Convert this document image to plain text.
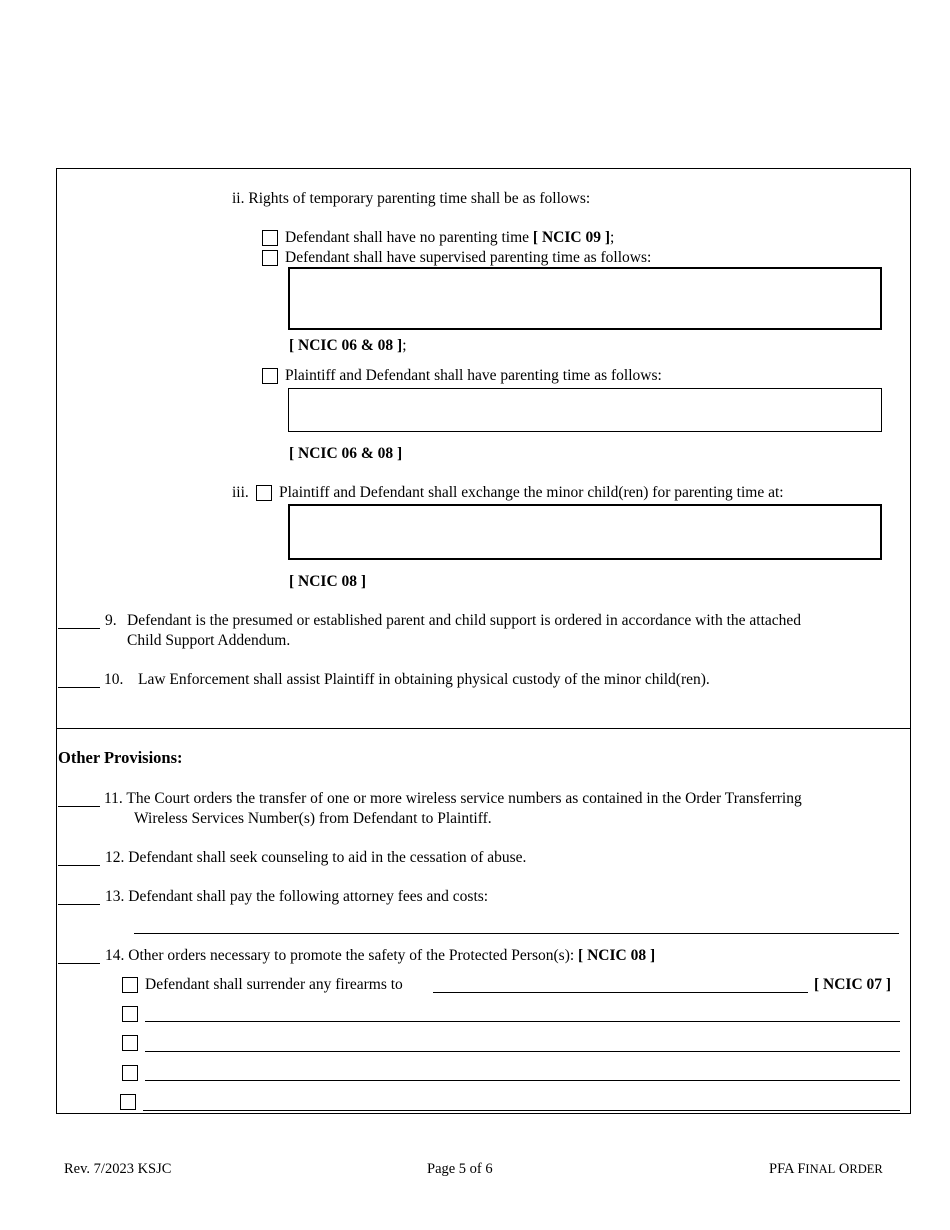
ii. Rights of temporary parenting time shall be as follows:
Defendant shall have no parenting time [ NCIC 09 ];
Defendant shall have supervised parenting time as follows:
[ NCIC 06 & 08 ];
Plaintiff and Defendant shall have parenting time as follows:
[ NCIC 06 & 08 ]
iii. Plaintiff and Defendant shall exchange the minor child(ren) for parenting time at:
[ NCIC 08 ]
9. Defendant is the presumed or established parent and child support is ordered in accordance with the attached
Child Support Addendum.
10. Law Enforcement shall assist Plaintiff in obtaining physical custody of the minor child(ren).
Other Provisions:
11. The Court orders the transfer of one or more wireless service numbers as contained in the Order Transferring
Wireless Services Number(s) from Defendant to Plaintiff.
12. Defendant shall seek counseling to aid in the cessation of abuse.
13. Defendant shall pay the following attorney fees and costs:
14. Other orders necessary to promote the safety of the Protected Person(s): [ NCIC 08 ]
Defendant shall surrender any firearms to	[ NCIC 07 ]
Rev. 7/2023 KSJC	Page 5 of 6	PFA FINAL ORDER
